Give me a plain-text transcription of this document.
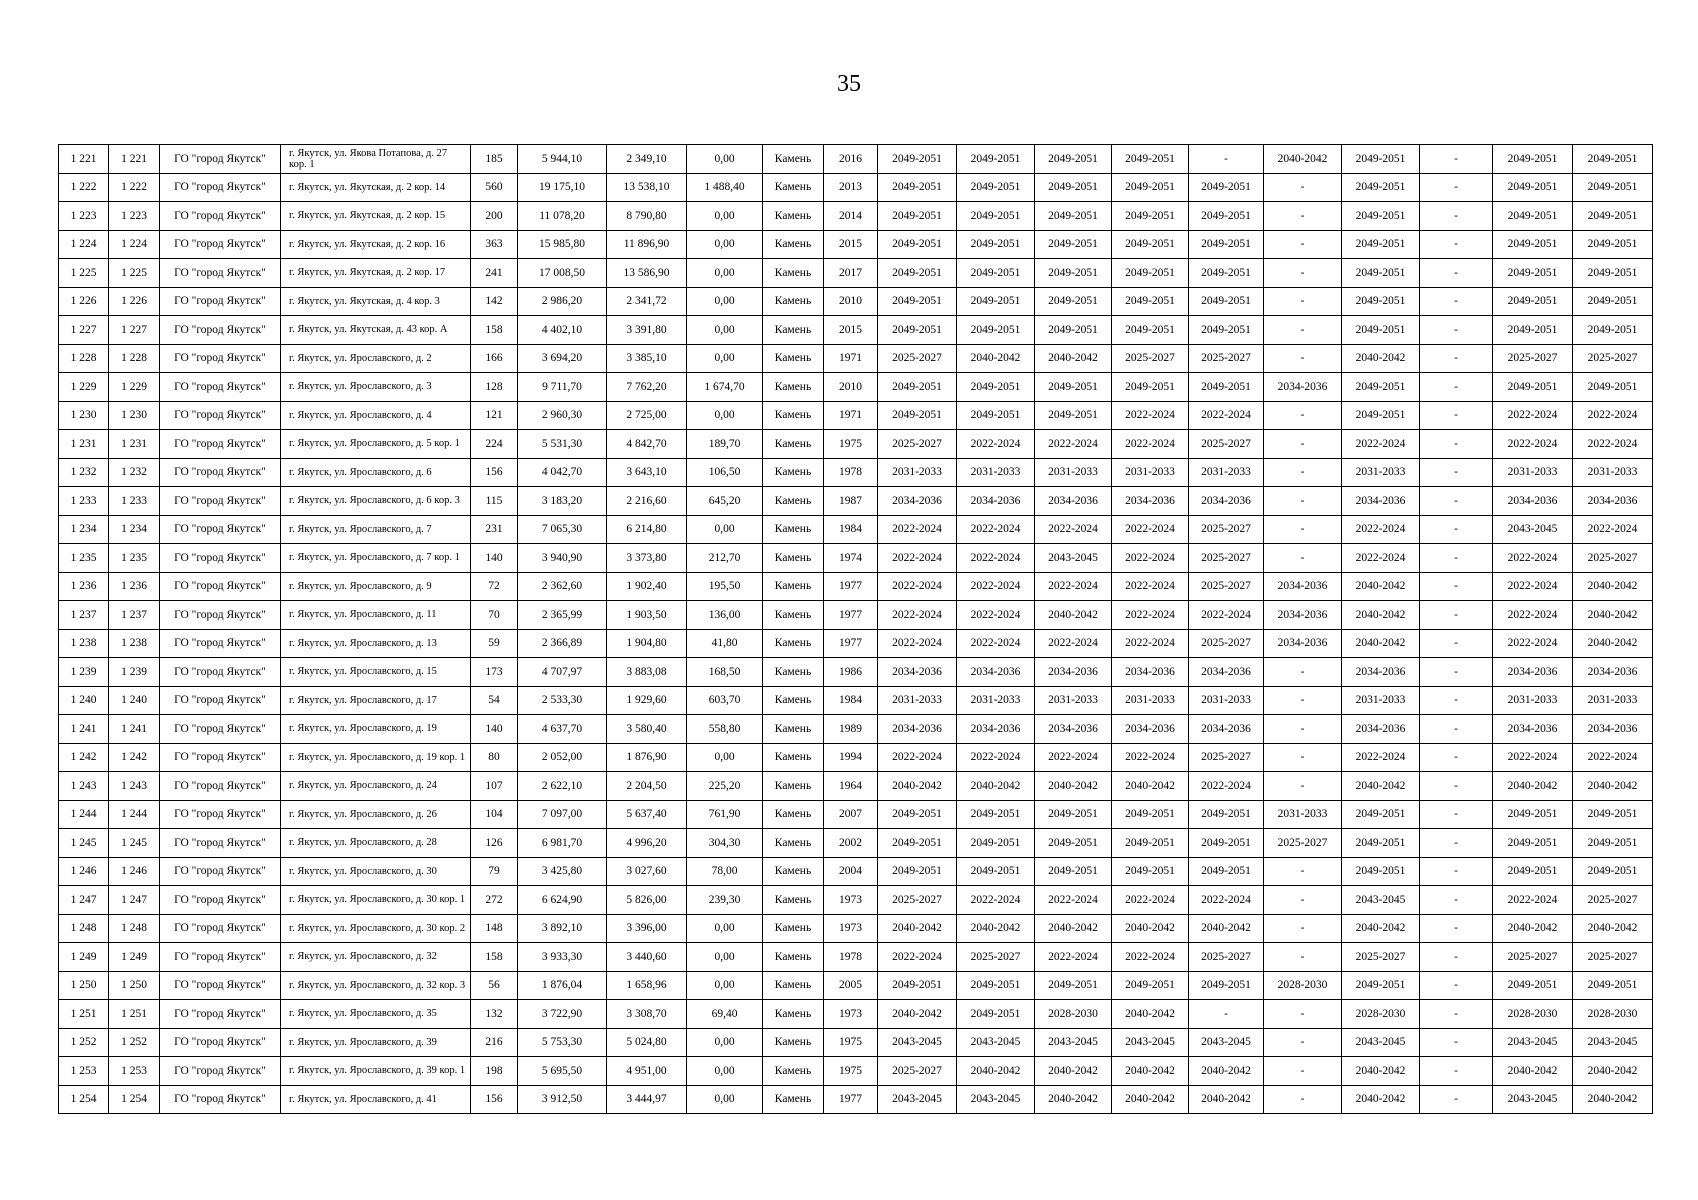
35
1 221	1 221	ГО "город Якутск"	г. Якутск, ул. Якова Потапова, д. 27 кор. 1	185	5 944,10	2 349,10	0,00	Камень	2016	2049-2051	2049-2051	2049-2051	2049-2051	-	2040-2042	2049-2051	-	2049-2051	2049-2051
1 222	1 222	ГО "город Якутск"	г. Якутск, ул. Якутская, д. 2 кор. 14	560	19 175,10	13 538,10	1 488,40	Камень	2013	2049-2051	2049-2051	2049-2051	2049-2051	2049-2051	-	2049-2051	-	2049-2051	2049-2051
1 223	1 223	ГО "город Якутск"	г. Якутск, ул. Якутская, д. 2 кор. 15	200	11 078,20	8 790,80	0,00	Камень	2014	2049-2051	2049-2051	2049-2051	2049-2051	2049-2051	-	2049-2051	-	2049-2051	2049-2051
1 224	1 224	ГО "город Якутск"	г. Якутск, ул. Якутская, д. 2 кор. 16	363	15 985,80	11 896,90	0,00	Камень	2015	2049-2051	2049-2051	2049-2051	2049-2051	2049-2051	-	2049-2051	-	2049-2051	2049-2051
1 225	1 225	ГО "город Якутск"	г. Якутск, ул. Якутская, д. 2 кор. 17	241	17 008,50	13 586,90	0,00	Камень	2017	2049-2051	2049-2051	2049-2051	2049-2051	2049-2051	-	2049-2051	-	2049-2051	2049-2051
1 226	1 226	ГО "город Якутск"	г. Якутск, ул. Якутская, д. 4 кор. 3	142	2 986,20	2 341,72	0,00	Камень	2010	2049-2051	2049-2051	2049-2051	2049-2051	2049-2051	-	2049-2051	-	2049-2051	2049-2051
1 227	1 227	ГО "город Якутск"	г. Якутск, ул. Якутская, д. 43 кор. А	158	4 402,10	3 391,80	0,00	Камень	2015	2049-2051	2049-2051	2049-2051	2049-2051	2049-2051	-	2049-2051	-	2049-2051	2049-2051
1 228	1 228	ГО "город Якутск"	г. Якутск, ул. Ярославского, д. 2	166	3 694,20	3 385,10	0,00	Камень	1971	2025-2027	2040-2042	2040-2042	2025-2027	2025-2027	-	2040-2042	-	2025-2027	2025-2027
1 229	1 229	ГО "город Якутск"	г. Якутск, ул. Ярославского, д. 3	128	9 711,70	7 762,20	1 674,70	Камень	2010	2049-2051	2049-2051	2049-2051	2049-2051	2049-2051	2034-2036	2049-2051	-	2049-2051	2049-2051
1 230	1 230	ГО "город Якутск"	г. Якутск, ул. Ярославского, д. 4	121	2 960,30	2 725,00	0,00	Камень	1971	2049-2051	2049-2051	2049-2051	2022-2024	2022-2024	-	2049-2051	-	2022-2024	2022-2024
1 231	1 231	ГО "город Якутск"	г. Якутск, ул. Ярославского, д. 5 кор. 1	224	5 531,30	4 842,70	189,70	Камень	1975	2025-2027	2022-2024	2022-2024	2022-2024	2025-2027	-	2022-2024	-	2022-2024	2022-2024
1 232	1 232	ГО "город Якутск"	г. Якутск, ул. Ярославского, д. 6	156	4 042,70	3 643,10	106,50	Камень	1978	2031-2033	2031-2033	2031-2033	2031-2033	2031-2033	-	2031-2033	-	2031-2033	2031-2033
1 233	1 233	ГО "город Якутск"	г. Якутск, ул. Ярославского, д. 6 кор. 3	115	3 183,20	2 216,60	645,20	Камень	1987	2034-2036	2034-2036	2034-2036	2034-2036	2034-2036	-	2034-2036	-	2034-2036	2034-2036
1 234	1 234	ГО "город Якутск"	г. Якутск, ул. Ярославского, д. 7	231	7 065,30	6 214,80	0,00	Камень	1984	2022-2024	2022-2024	2022-2024	2022-2024	2025-2027	-	2022-2024	-	2043-2045	2022-2024
1 235	1 235	ГО "город Якутск"	г. Якутск, ул. Ярославского, д. 7 кор. 1	140	3 940,90	3 373,80	212,70	Камень	1974	2022-2024	2022-2024	2043-2045	2022-2024	2025-2027	-	2022-2024	-	2022-2024	2025-2027
1 236	1 236	ГО "город Якутск"	г. Якутск, ул. Ярославского, д. 9	72	2 362,60	1 902,40	195,50	Камень	1977	2022-2024	2022-2024	2022-2024	2022-2024	2025-2027	2034-2036	2040-2042	-	2022-2024	2040-2042
1 237	1 237	ГО "город Якутск"	г. Якутск, ул. Ярославского, д. 11	70	2 365,99	1 903,50	136,00	Камень	1977	2022-2024	2022-2024	2040-2042	2022-2024	2022-2024	2034-2036	2040-2042	-	2022-2024	2040-2042
1 238	1 238	ГО "город Якутск"	г. Якутск, ул. Ярославского, д. 13	59	2 366,89	1 904,80	41,80	Камень	1977	2022-2024	2022-2024	2022-2024	2022-2024	2025-2027	2034-2036	2040-2042	-	2022-2024	2040-2042
1 239	1 239	ГО "город Якутск"	г. Якутск, ул. Ярославского, д. 15	173	4 707,97	3 883,08	168,50	Камень	1986	2034-2036	2034-2036	2034-2036	2034-2036	2034-2036	-	2034-2036	-	2034-2036	2034-2036
1 240	1 240	ГО "город Якутск"	г. Якутск, ул. Ярославского, д. 17	54	2 533,30	1 929,60	603,70	Камень	1984	2031-2033	2031-2033	2031-2033	2031-2033	2031-2033	-	2031-2033	-	2031-2033	2031-2033
1 241	1 241	ГО "город Якутск"	г. Якутск, ул. Ярославского, д. 19	140	4 637,70	3 580,40	558,80	Камень	1989	2034-2036	2034-2036	2034-2036	2034-2036	2034-2036	-	2034-2036	-	2034-2036	2034-2036
1 242	1 242	ГО "город Якутск"	г. Якутск, ул. Ярославского, д. 19 кор. 1	80	2 052,00	1 876,90	0,00	Камень	1994	2022-2024	2022-2024	2022-2024	2022-2024	2025-2027	-	2022-2024	-	2022-2024	2022-2024
1 243	1 243	ГО "город Якутск"	г. Якутск, ул. Ярославского, д. 24	107	2 622,10	2 204,50	225,20	Камень	1964	2040-2042	2040-2042	2040-2042	2040-2042	2022-2024	-	2040-2042	-	2040-2042	2040-2042
1 244	1 244	ГО "город Якутск"	г. Якутск, ул. Ярославского, д. 26	104	7 097,00	5 637,40	761,90	Камень	2007	2049-2051	2049-2051	2049-2051	2049-2051	2049-2051	2031-2033	2049-2051	-	2049-2051	2049-2051
1 245	1 245	ГО "город Якутск"	г. Якутск, ул. Ярославского, д. 28	126	6 981,70	4 996,20	304,30	Камень	2002	2049-2051	2049-2051	2049-2051	2049-2051	2049-2051	2025-2027	2049-2051	-	2049-2051	2049-2051
1 246	1 246	ГО "город Якутск"	г. Якутск, ул. Ярославского, д. 30	79	3 425,80	3 027,60	78,00	Камень	2004	2049-2051	2049-2051	2049-2051	2049-2051	2049-2051	-	2049-2051	-	2049-2051	2049-2051
1 247	1 247	ГО "город Якутск"	г. Якутск, ул. Ярославского, д. 30 кор. 1	272	6 624,90	5 826,00	239,30	Камень	1973	2025-2027	2022-2024	2022-2024	2022-2024	2022-2024	-	2043-2045	-	2022-2024	2025-2027
1 248	1 248	ГО "город Якутск"	г. Якутск, ул. Ярославского, д. 30 кор. 2	148	3 892,10	3 396,00	0,00	Камень	1973	2040-2042	2040-2042	2040-2042	2040-2042	2040-2042	-	2040-2042	-	2040-2042	2040-2042
1 249	1 249	ГО "город Якутск"	г. Якутск, ул. Ярославского, д. 32	158	3 933,30	3 440,60	0,00	Камень	1978	2022-2024	2025-2027	2022-2024	2022-2024	2025-2027	-	2025-2027	-	2025-2027	2025-2027
1 250	1 250	ГО "город Якутск"	г. Якутск, ул. Ярославского, д. 32 кор. 3	56	1 876,04	1 658,96	0,00	Камень	2005	2049-2051	2049-2051	2049-2051	2049-2051	2049-2051	2028-2030	2049-2051	-	2049-2051	2049-2051
1 251	1 251	ГО "город Якутск"	г. Якутск, ул. Ярославского, д. 35	132	3 722,90	3 308,70	69,40	Камень	1973	2040-2042	2049-2051	2028-2030	2040-2042	-	-	2028-2030	-	2028-2030	2028-2030
1 252	1 252	ГО "город Якутск"	г. Якутск, ул. Ярославского, д. 39	216	5 753,30	5 024,80	0,00	Камень	1975	2043-2045	2043-2045	2043-2045	2043-2045	2043-2045	-	2043-2045	-	2043-2045	2043-2045
1 253	1 253	ГО "город Якутск"	г. Якутск, ул. Ярославского, д. 39 кор. 1	198	5 695,50	4 951,00	0,00	Камень	1975	2025-2027	2040-2042	2040-2042	2040-2042	2040-2042	-	2040-2042	-	2040-2042	2040-2042
1 254	1 254	ГО "город Якутск"	г. Якутск, ул. Ярославского, д. 41	156	3 912,50	3 444,97	0,00	Камень	1977	2043-2045	2043-2045	2040-2042	2040-2042	2040-2042	-	2040-2042	-	2043-2045	2040-2042
